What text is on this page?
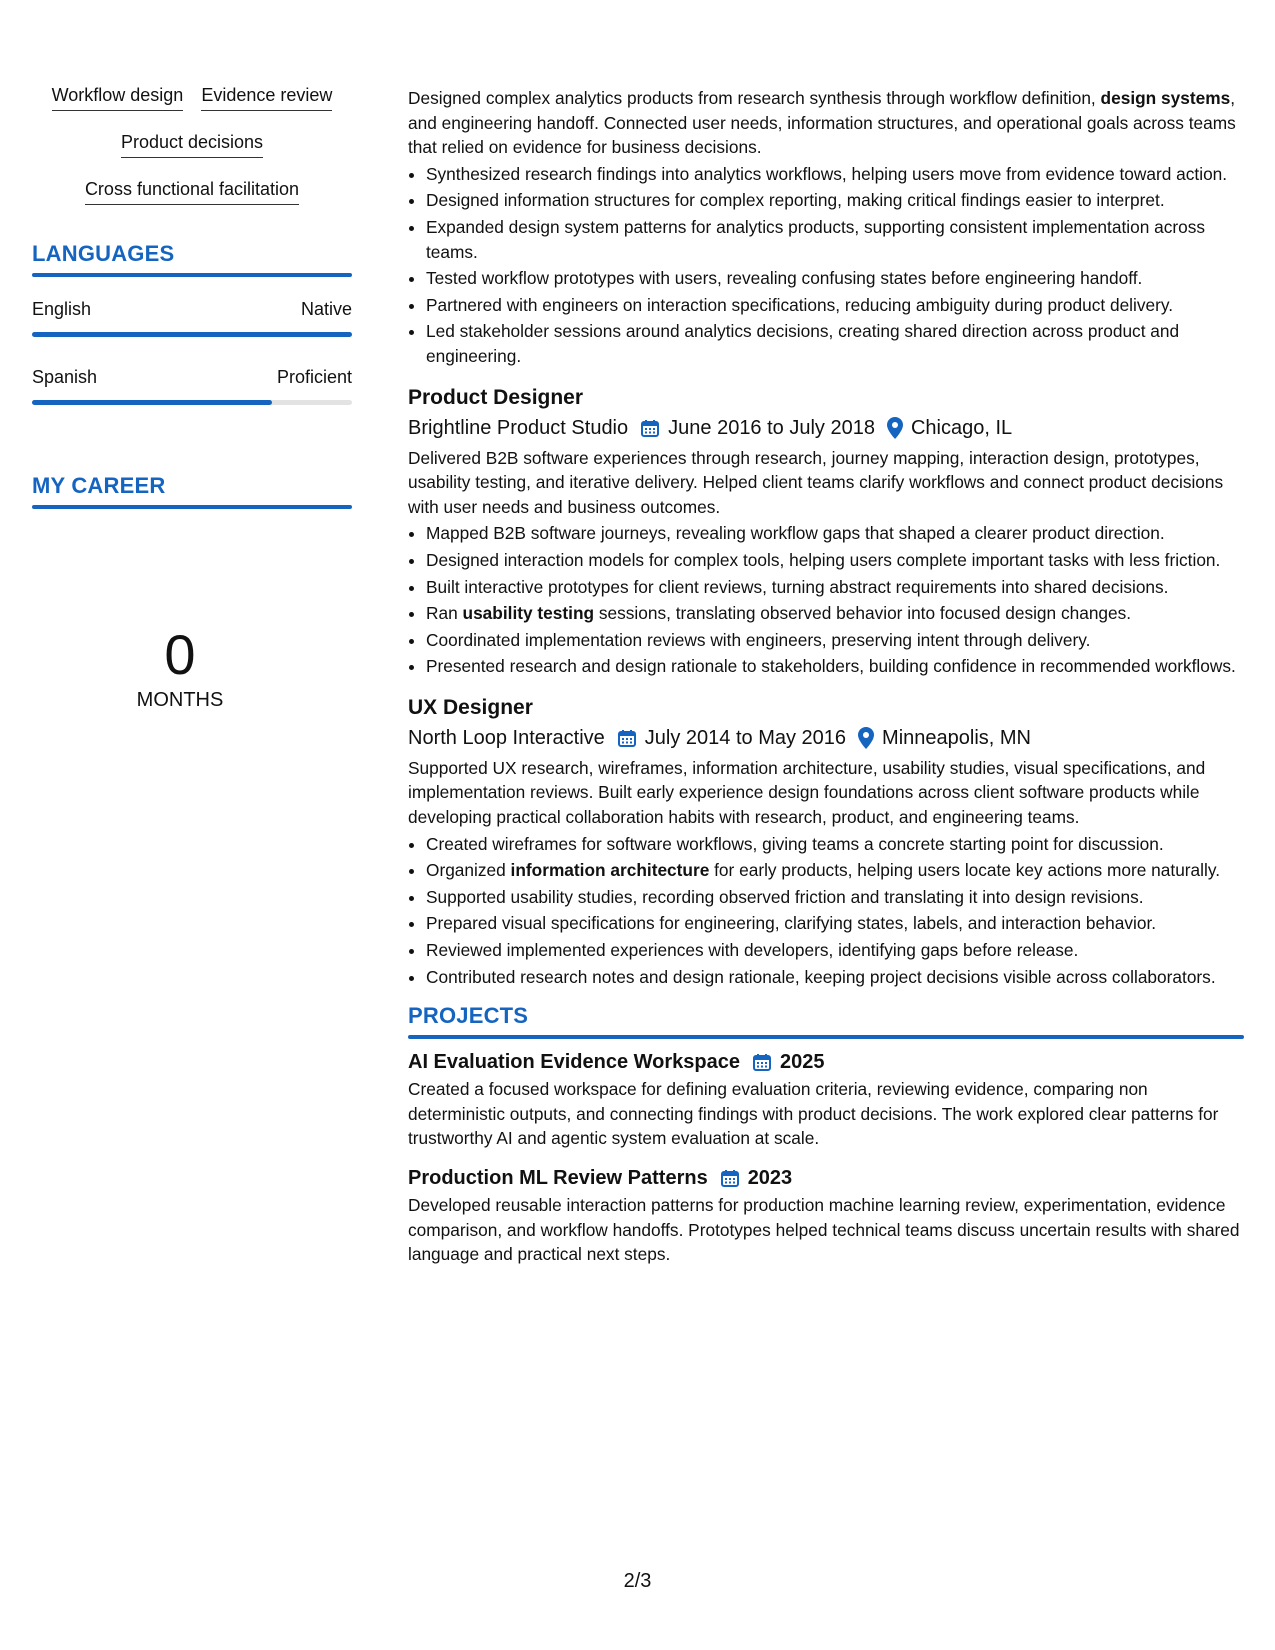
Workflow design Evidence review
Product decisions
Cross functional facilitation
LANGUAGES
English	Native
Spanish	Proficient
MY CAREER
0
MONTHS

Designed complex analytics products from research synthesis through workflow definition, design systems, and engineering handoff. Connected user needs, information structures, and operational goals across teams that relied on evidence for business decisions.

• Synthesized research findings into analytics workflows, helping users move from evidence toward action.
• Designed information structures for complex reporting, making critical findings easier to interpret.
• Expanded design system patterns for analytics products, supporting consistent implementation across teams.
• Tested workflow prototypes with users, revealing confusing states before engineering handoff.
• Partnered with engineers on interaction specifications, reducing ambiguity during product delivery.
• Led stakeholder sessions around analytics decisions, creating shared direction across product and engineering.
Product Designer
Brightline Product Studio June 2016 to July 2018 Chicago, IL

Delivered B2B software experiences through research, journey mapping, interaction design, prototypes, usability testing, and iterative delivery. Helped client teams clarify workflows and connect product decisions with user needs and business outcomes.

• Mapped B2B software journeys, revealing workflow gaps that shaped a clearer product direction.
• Designed interaction models for complex tools, helping users complete important tasks with less friction.
• Built interactive prototypes for client reviews, turning abstract requirements into shared decisions.
• Ran usability testing sessions, translating observed behavior into focused design changes.
• Coordinated implementation reviews with engineers, preserving intent through delivery.
• Presented research and design rationale to stakeholders, building confidence in recommended workflows.
UX Designer
North Loop Interactive July 2014 to May 2016 Minneapolis, MN

Supported UX research, wireframes, information architecture, usability studies, visual specifications, and implementation reviews. Built early experience design foundations across client software products while developing practical collaboration habits with research, product, and engineering teams.

• Created wireframes for software workflows, giving teams a concrete starting point for discussion.
• Organized information architecture for early products, helping users locate key actions more naturally.
• Supported usability studies, recording observed friction and translating it into design revisions.
• Prepared visual specifications for engineering, clarifying states, labels, and interaction behavior.
• Reviewed implemented experiences with developers, identifying gaps before release.
• Contributed research notes and design rationale, keeping project decisions visible across collaborators.
PROJECTS
AI Evaluation Evidence Workspace 2025

Created a focused workspace for defining evaluation criteria, reviewing evidence, comparing non deterministic outputs, and connecting findings with product decisions. The work explored clear patterns for trustworthy AI and agentic system evaluation at scale.

Production ML Review Patterns 2023

Developed reusable interaction patterns for production machine learning review, experimentation, evidence comparison, and workflow handoffs. Prototypes helped technical teams discuss uncertain results with shared language and practical next steps.

2/3
